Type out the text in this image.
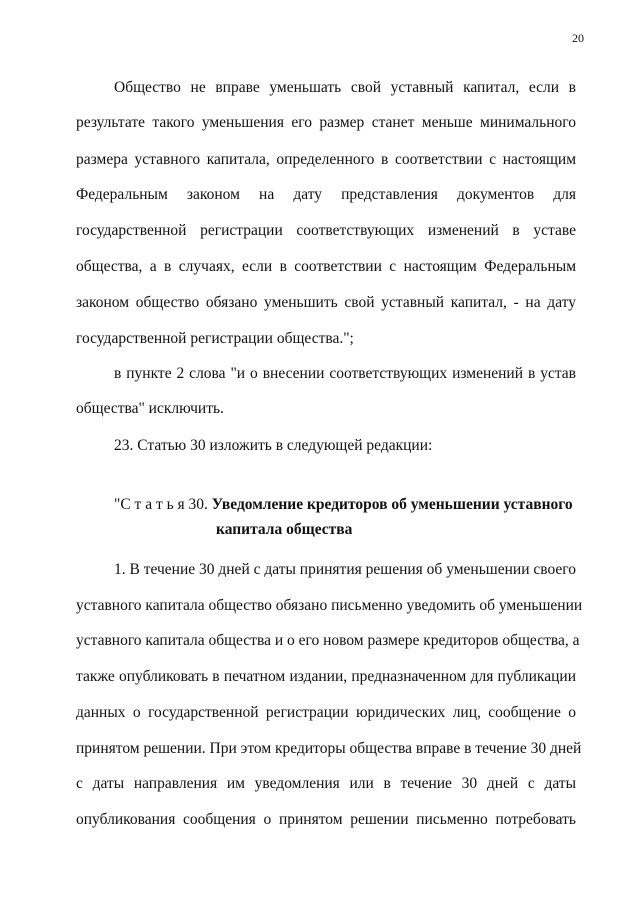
20
Общество не вправе уменьшать свой уставный капитал, если в
результате такого уменьшения его размер станет меньше минимального
размера уставного капитала, определенного в соответствии с настоящим
Федеральным законом на дату представления документов для
государственной регистрации соответствующих изменений в уставе
общества, а в случаях, если в соответствии с настоящим Федеральным
законом общество обязано уменьшить свой уставный капитал, - на дату
государственной регистрации общества.";
в пункте 2 слова "и о внесении соответствующих изменений в устав
общества" исключить.
23. Статью 30 изложить в следующей редакции:
"С т а т ь я 30. Уведомление кредиторов об уменьшении уставного
капитала общества
1. В течение 30 дней с даты принятия решения об уменьшении своего
уставного капитала общество обязано письменно уведомить об уменьшении
уставного капитала общества и о его новом размере кредиторов общества, а
также опубликовать в печатном издании, предназначенном для публикации
данных о государственной регистрации юридических лиц, сообщение о
принятом решении. При этом кредиторы общества вправе в течение 30 дней
с даты направления им уведомления или в течение 30 дней с даты
опубликования сообщения о принятом решении письменно потребовать
